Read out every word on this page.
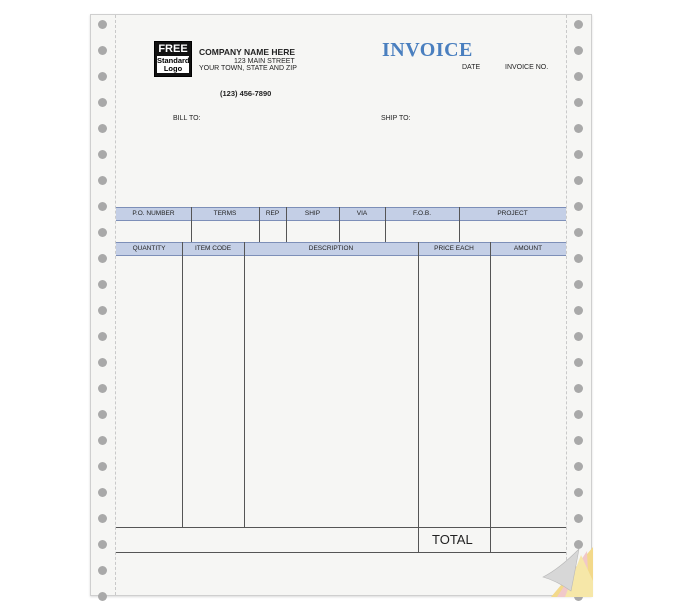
FREE
Standard Logo
COMPANY NAME HERE
123 MAIN STREET
YOUR TOWN, STATE AND ZIP
(123) 456-7890
INVOICE
DATE	INVOICE NO.
BILL TO:	SHIP TO:
P.O. NUMBER	TERMS	REP	SHIP	VIA	F.O.B.	PROJECT
QUANTITY	ITEM CODE	DESCRIPTION	PRICE EACH	AMOUNT
TOTAL
